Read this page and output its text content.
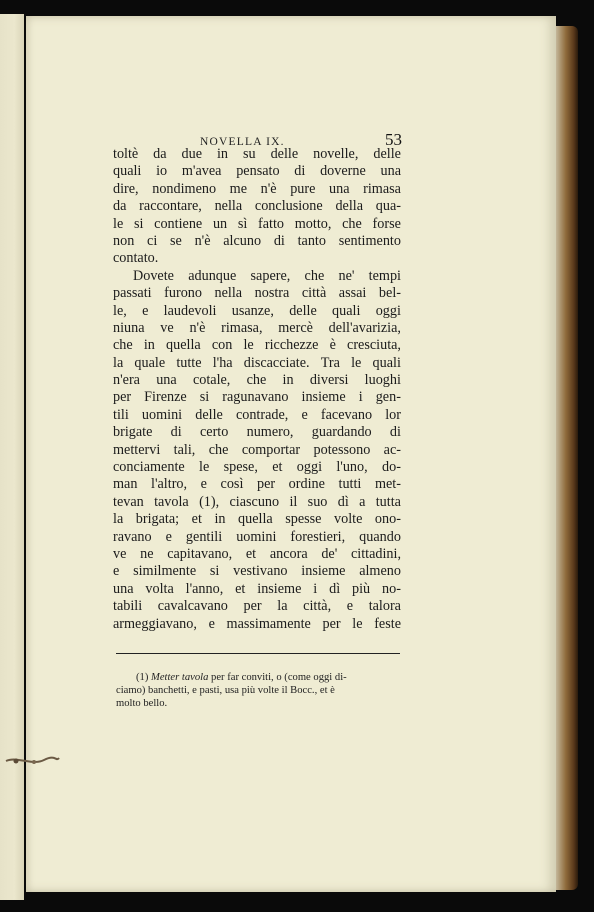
NOVELLA IX.	53
toltè da due in su delle novelle, delle
quali io m'avea pensato di doverne una
dire, nondimeno me n'è pure una rimasa
da raccontare, nella conclusione della qua-
le si contiene un sì fatto motto, che forse
non ci se n'è alcuno di tanto sentimento
contato.
Dovete adunque sapere, che ne' tempi
passati furono nella nostra città assai bel-
le, e laudevoli usanze, delle quali oggi
niuna ve n'è rimasa, mercè dell'avarizia,
che in quella con le ricchezze è cresciuta,
la quale tutte l'ha discacciate. Tra le quali
n'era una cotale, che in diversi luoghi
per Firenze si ragunavano insieme i gen-
tili uomini delle contrade, e facevano lor
brigate di certo numero, guardando di
mettervi tali, che comportar potessono ac-
conciamente le spese, et oggi l'uno, do-
man l'altro, e così per ordine tutti met-
tevan tavola (1), ciascuno il suo dì a tutta
la brigata; et in quella spesse volte ono-
ravano e gentili uomini forestieri, quando
ve ne capitavano, et ancora de' cittadini,
e similmente si vestivano insieme almeno
una volta l'anno, et insieme i dì più no-
tabili cavalcavano per la città, e talora
armeggiavano, e massimamente per le feste
(1) Metter tavola per far conviti, o (come oggi di-
ciamo) banchetti, e pasti, usa più volte il Bocc., et è
molto bello.
